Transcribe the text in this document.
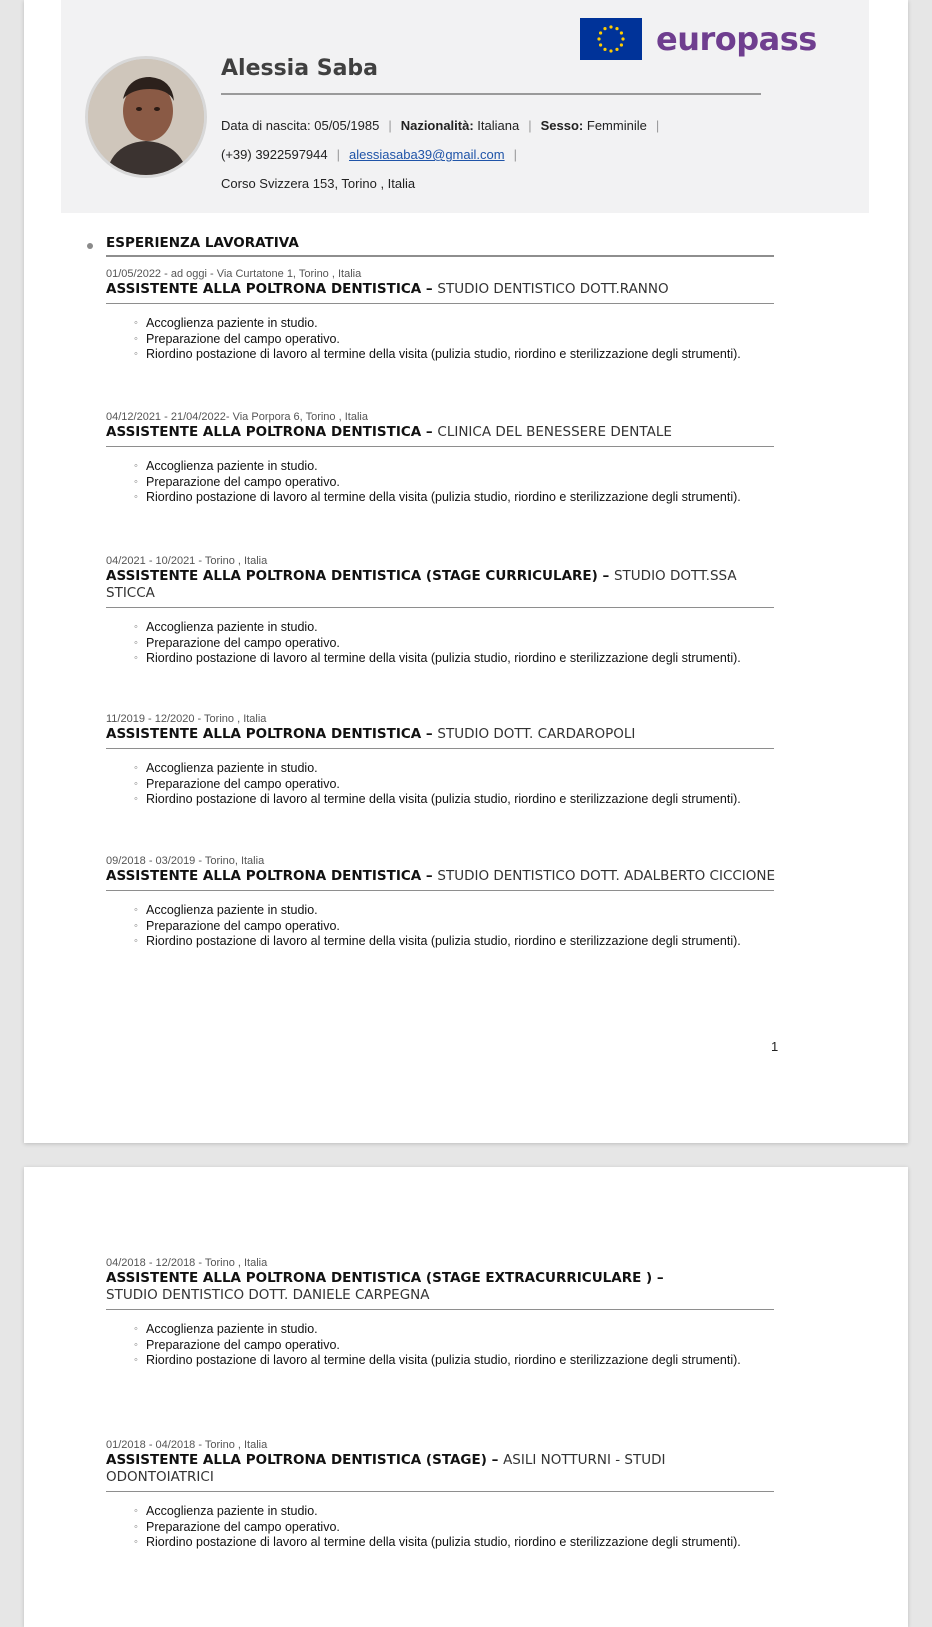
europass
Alessia Saba
Data di nascita: 05/05/1985 | Nazionalità: Italiana | Sesso: Femminile |
(+39) 3922597944 | alessiasaba39@gmail.com |
Corso Svizzera 153, Torino , Italia
ESPERIENZA LAVORATIVA
01/05/2022 - ad oggi - Via Curtatone 1, Torino , Italia
ASSISTENTE ALLA POLTRONA DENTISTICA – STUDIO DENTISTICO DOTT.RANNO
◦ Accoglienza paziente in studio.
◦ Preparazione del campo operativo.
◦ Riordino postazione di lavoro al termine della visita (pulizia studio, riordino e sterilizzazione degli strumenti).
04/12/2021 - 21/04/2022- Via Porpora 6, Torino , Italia
ASSISTENTE ALLA POLTRONA DENTISTICA – CLINICA DEL BENESSERE DENTALE
◦ Accoglienza paziente in studio.
◦ Preparazione del campo operativo.
◦ Riordino postazione di lavoro al termine della visita (pulizia studio, riordino e sterilizzazione degli strumenti).
04/2021 - 10/2021 - Torino , Italia
ASSISTENTE ALLA POLTRONA DENTISTICA (STAGE CURRICULARE) – STUDIO DOTT.SSA STICCA
◦ Accoglienza paziente in studio.
◦ Preparazione del campo operativo.
◦ Riordino postazione di lavoro al termine della visita (pulizia studio, riordino e sterilizzazione degli strumenti).
11/2019 - 12/2020 - Torino , Italia
ASSISTENTE ALLA POLTRONA DENTISTICA – STUDIO DOTT. CARDAROPOLI
◦ Accoglienza paziente in studio.
◦ Preparazione del campo operativo.
◦ Riordino postazione di lavoro al termine della visita (pulizia studio, riordino e sterilizzazione degli strumenti).
09/2018 - 03/2019 - Torino, Italia
ASSISTENTE ALLA POLTRONA DENTISTICA – STUDIO DENTISTICO DOTT. ADALBERTO CICCIONE
◦ Accoglienza paziente in studio.
◦ Preparazione del campo operativo.
◦ Riordino postazione di lavoro al termine della visita (pulizia studio, riordino e sterilizzazione degli strumenti).
1
04/2018 - 12/2018 - Torino , Italia
ASSISTENTE ALLA POLTRONA DENTISTICA (STAGE EXTRACURRICULARE ) – STUDIO DENTISTICO DOTT. DANIELE CARPEGNA
◦ Accoglienza paziente in studio.
◦ Preparazione del campo operativo.
◦ Riordino postazione di lavoro al termine della visita (pulizia studio, riordino e sterilizzazione degli strumenti).
01/2018 - 04/2018 - Torino , Italia
ASSISTENTE ALLA POLTRONA DENTISTICA (STAGE) – ASILI NOTTURNI - STUDI ODONTOIATRICI
◦ Accoglienza paziente in studio.
◦ Preparazione del campo operativo.
◦ Riordino postazione di lavoro al termine della visita (pulizia studio, riordino e sterilizzazione degli strumenti).
